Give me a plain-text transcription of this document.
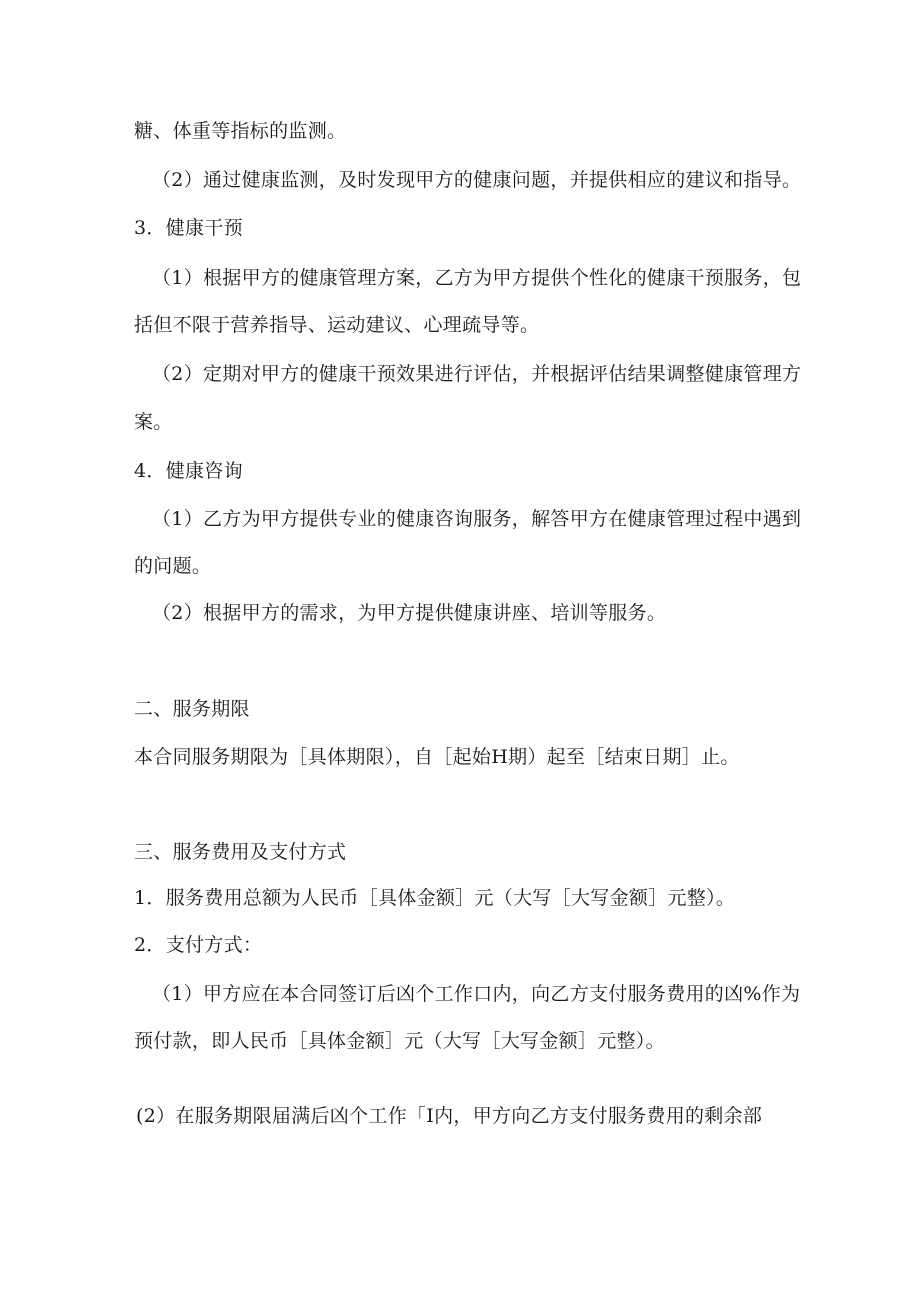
糖、体重等指标的监测。
（2）通过健康监测，及时发现甲方的健康问题，并提供相应的建议和指导。
3．健康干预
（1）根据甲方的健康管理方案，乙方为甲方提供个性化的健康干预服务，包
括但不限于营养指导、运动建议、心理疏导等。
（2）定期对甲方的健康干预效果进行评估，并根据评估结果调整健康管理方
案。
4．健康咨询
（1）乙方为甲方提供专业的健康咨询服务，解答甲方在健康管理过程中遇到
的问题。
（2）根据甲方的需求，为甲方提供健康讲座、培训等服务。
二、服务期限
本合同服务期限为［具体期限），自［起始H期）起至［结束日期］止。
三、服务费用及支付方式
1．服务费用总额为人民币［具体金额］元（大写［大写金额］元整）。
2．支付方式：
（1）甲方应在本合同签订后凶个工作口内，向乙方支付服务费用的凶%作为
预付款，即人民币［具体金额］元（大写［大写金额］元整）。
(2）在服务期限届满后凶个工作「I内，甲方向乙方支付服务费用的剩余部
